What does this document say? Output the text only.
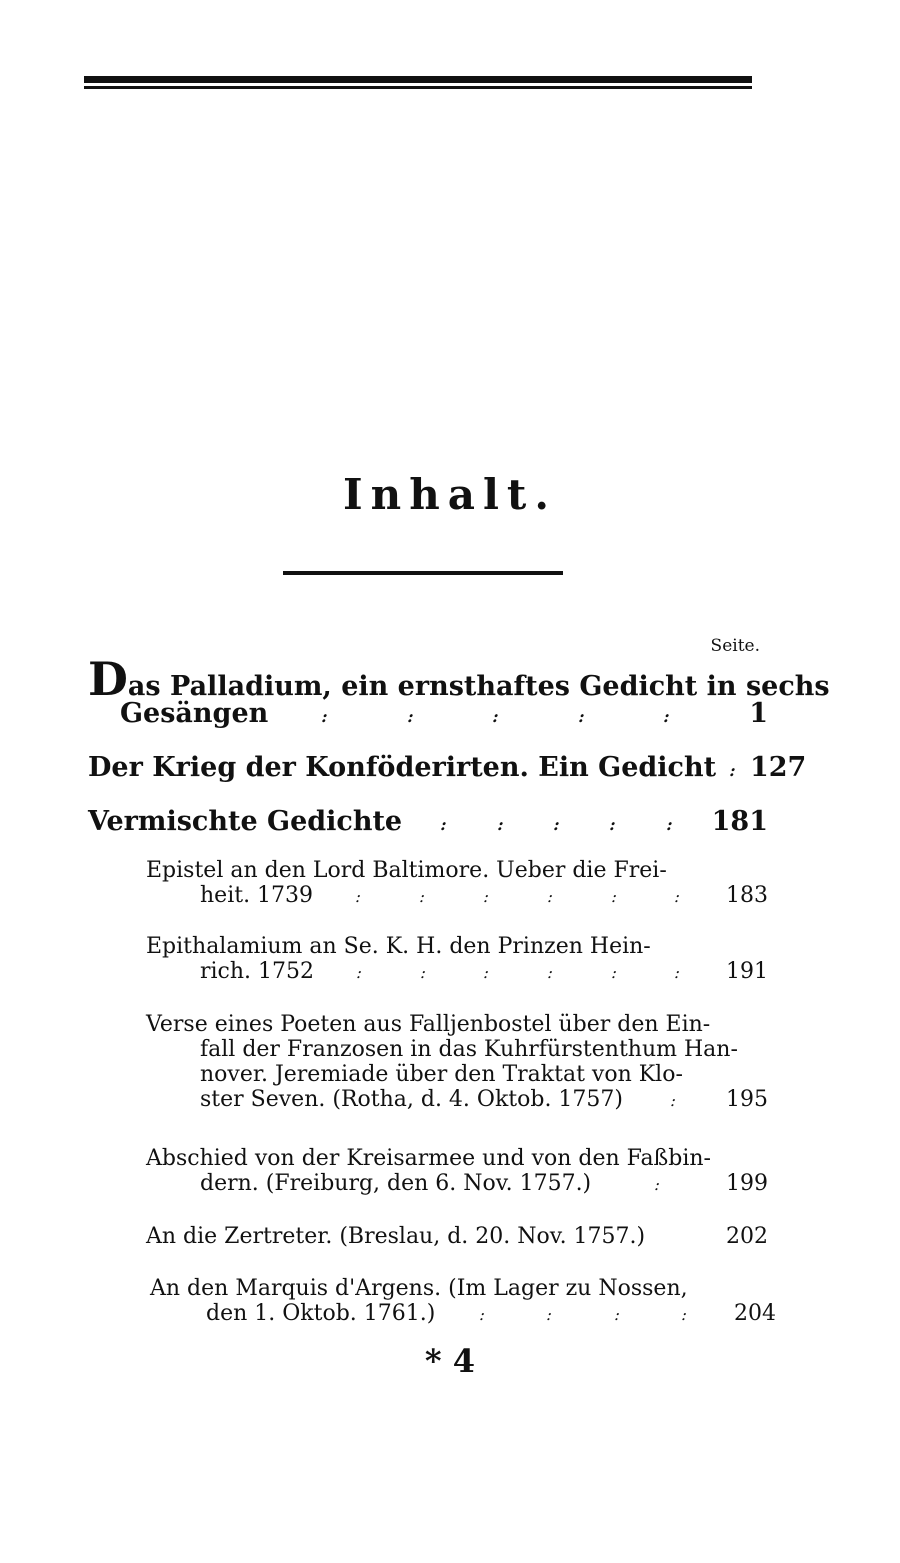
Inhalt.
Seite.
D as Palladium, ein ernsthaftes Gedicht in sechs
Gesängen	:	:	:	:	:	1
Der Krieg der Konföderirten. Ein Gedicht : 127
Vermischte Gedichte :	:	:	:	: 181
Epistel an den Lord Baltimore. Ueber die Frei-
heit. 1739	:	:	:	:	:	: 183
Epithalamium an Se. K. H. den Prinzen Hein-
rich. 1752	:	:	:	:	:	: 191
Verse eines Poeten aus Falljenbostel über den Ein-
fall der Franzosen in das Kuhrfürstenthum Han-
nover. Jeremiade über den Traktat von Klo-
ster Seven. (Rotha, d. 4. Oktob. 1757)	: 195
Abschied von der Kreisarmee und von den Faßbin-
dern. (Freiburg, den 6. Nov. 1757.)	:	199
An die Zertreter. (Breslau, d. 20. Nov. 1757.)	202
An den Marquis d'Argens. (Im Lager zu Nossen,
den 1. Oktob. 1761.)	:	:	:	: 204
* 4
